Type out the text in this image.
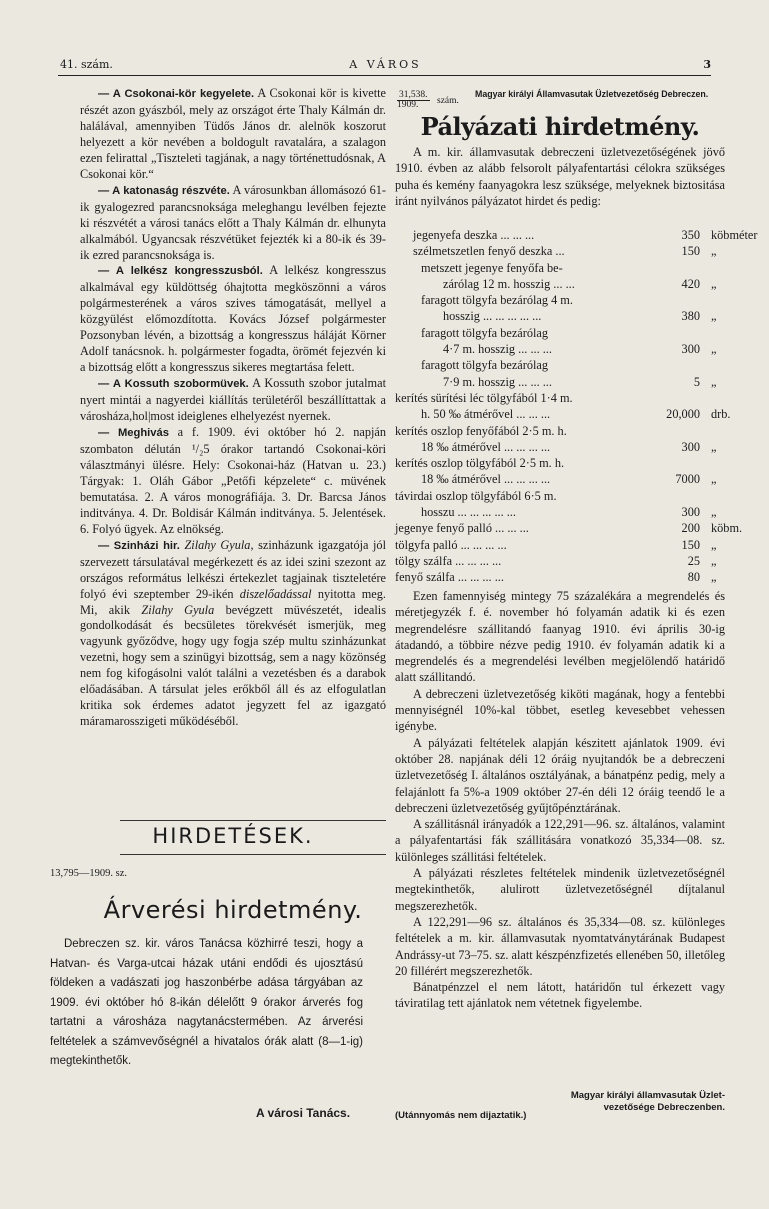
41. szám.	A VÁROS	3

— A Csokonai-kör kegyelete. A Csokonai kör is kivette részét azon gyászból, mely az országot érte Thaly Kálmán dr. halálával, amennyiben Tüdős János dr. alelnök koszorut helyezett a kör nevében a boldogult ravatalára, a szalagon ezen felirattal „Tiszteleti tagjának, a nagy történettudósnak, A Csokonai kör.“

— A katonaság részvéte. A városunkban állomásozó 61-ik gyalogezred parancsnoksága meleghangu levélben fejezte ki részvétét a városi tanács előtt a Thaly Kálmán dr. elhunyta alkalmából. Ugyancsak részvétüket fejezték ki a 80-ik és 39-ik ezred parancsnoksága is.

— A lelkész kongresszusból. A lelkész kongresszus alkalmával egy küldöttség óhajtotta megköszönni a város polgármesterének a város szives támogatását, mellyel a közgyülést előmozdította. Kovács József polgármester Pozsonyban lévén, a bizottság a kongresszus háláját Körner Adolf tanácsnok. h. polgármester fogadta, örömét fejezvén ki a bizottság előtt a kongresszus sikeres megtartása felett.

— A Kossuth szobormüvek. A Kossuth szobor jutalmat nyert mintái a nagyerdei kiállítás területéről beszállíttattak a városháza,hol|most ideiglenes elhelyezést nyernek.

— Meghivás a f. 1909. évi október hó 2. napján szombaton délután ¹/₂5 órakor tartandó Csokonai-köri választmányi ülésre. Hely: Csokonai-ház (Hatvan u. 23.) Tárgyak: 1. Oláh Gábor „Petőfi képzelete“ c. müvének bemutatása. 2. A város monográfiája. 3. Dr. Barcsa János inditványa. 4. Dr. Boldisár Kálmán inditványa. 5. Jelentések. 6. Folyó ügyek. Az elnökség.

— Szinházi hir. Zilahy Gyula, szinházunk igazgatója jól szervezett társulatával megérkezett és az idei szini szezont az országos református lelkészi értekezlet tagjainak tiszteletére folyó évi szeptember 29-ikén diszelőadással nyitotta meg. Mi, akik Zilahy Gyula bevégzett müvészetét, idealis gondolkodását és becsületes törekvését ismerjük, meg vagyunk győződve, hogy ugy fogja szép multu szinházunkat vezetni, hogy sem a szinügyi bizottság, sem a nagy közönség nem fog kifogásolni valót találni a vezetésben és a darabok előadásában. A társulat jeles erőkből áll és az elfogulatlan kritika sok érdemes adatot jegyzett fel az igazgató máramarosszigeti működéséből.

HIRDETÉSEK.
13,795—1909. sz.
Árverési hirdetmény.

Debreczen sz. kir. város Tanácsa közhirré teszi, hogy a Hatvan- és Varga-utcai házak utáni endődi és ujosztású földeken a vadászati jog haszonbérbe adása tárgyában az 1909. évi október hó 8-ikán délelőtt 9 órakor árverés fog tartatni a városháza nagytanácstermében. Az árverési feltételek a számvevőségnél a hivatalos órák alatt (8—1-ig) megtekinthetők.

A városi Tanács.
31,538.
1909.	szám.
Magyar királyi Államvasutak Üzletvezetőség Debreczen.
Pályázati hirdetmény.

A m. kir. államvasutak debreczeni üzletvezetőségének jövő 1910. évben az alább felsorolt pályafentartási célokra szükséges puha és kemény faanyagokra lesz szüksége, melyeknek biztositása iránt nyilvános pályázatot hirdet és pedig:

jegenyefa deszka ... ... ...	350 köbméter
szélmetszetlen fenyő deszka ...	150 „
metszett jegenye fenyőfa be-
zárólag 12 m. hosszig ... ...	420 „
faragott tölgyfa bezárólag 4 m.
hosszig ... ... ... ... ...	380 „
faragott tölgyfa bezárólag
4·7 m. hosszig ... ... ...	300 „
faragott tölgyfa bezárólag
7·9 m. hosszig ... ... ...	5 „
kerítés sürítési léc tölgyfából 1·4 m.
h. 50 ‰ átmérővel ... ... ...	20,000 drb.
kerítés oszlop fenyőfából 2·5 m. h.
18 ‰ átmérővel ... ... ... ...	300 „
kerítés oszlop tölgyfából 2·5 m. h.
18 ‰ átmérővel ... ... ... ...	7000 „
távirdai oszlop tölgyfából 6·5 m.
hosszu ... ... ... ... ...	300 „
jegenye fenyő palló ... ... ...	200 köbm.
tölgyfa palló ... ... ... ...	150 „
tölgy szálfa ... ... ... ...	25 „
fenyő szálfa ... ... ... ...	80 „

Ezen famennyiség mintegy 75 százalékára a megrendelés és méretjegyzék f. é. november hó folyamán adatik ki és ezen megrendelésre szállitandó faanyag 1910. évi április 30-ig átadandó, a többire nézve pedig 1910. év folyamán adatik ki a megrendelés és a megrendelési levélben megjelölendő határidő alatt szállitandó.

A debreczeni üzletvezetőség kiköti magának, hogy a fentebbi mennyiségnél 10%-kal többet, esetleg kevesebbet vehessen igénybe.

A pályázati feltételek alapján készitett ajánlatok 1909. évi október 28. napjának déli 12 óráig nyujtandók be a debreczeni üzletvezetőség I. általános osztályának, a bánatpénz pedig, mely a felajánlott fa 5%-a 1909 október 27-én déli 12 óráig teendő le a debreczeni üzletvezetőség gyűjtőpénztárának.

A szállitásnál irányadók a 122,291—96. sz. általános, valamint a pályafentartási fák szállitására vonatkozó 35,334—08. sz. különleges szállitási feltételek.

A pályázati részletes feltételek mindenik üzletvezetőségnél megtekinthetők, alulirott üzletvezetőségnél díjtalanul megszerezhetők.

A 122,291—96 sz. általános és 35,334—08. sz. különleges feltételek a m. kir. államvasutak nyomtatványtárának Budapest Andrássy-ut 73–75. sz. alatt készpénzfizetés ellenében 50, illetőleg 20 fillérért megszerezhetők.

Bánatpénzzel el nem látott, határidőn tul érkezett vagy táviratilag tett ajánlatok nem vétetnek figyelembe.

Magyar királyi államvasutak Üzlet-
vezetősége Debreczenben.
(Utánnyomás nem dijaztatik.)
